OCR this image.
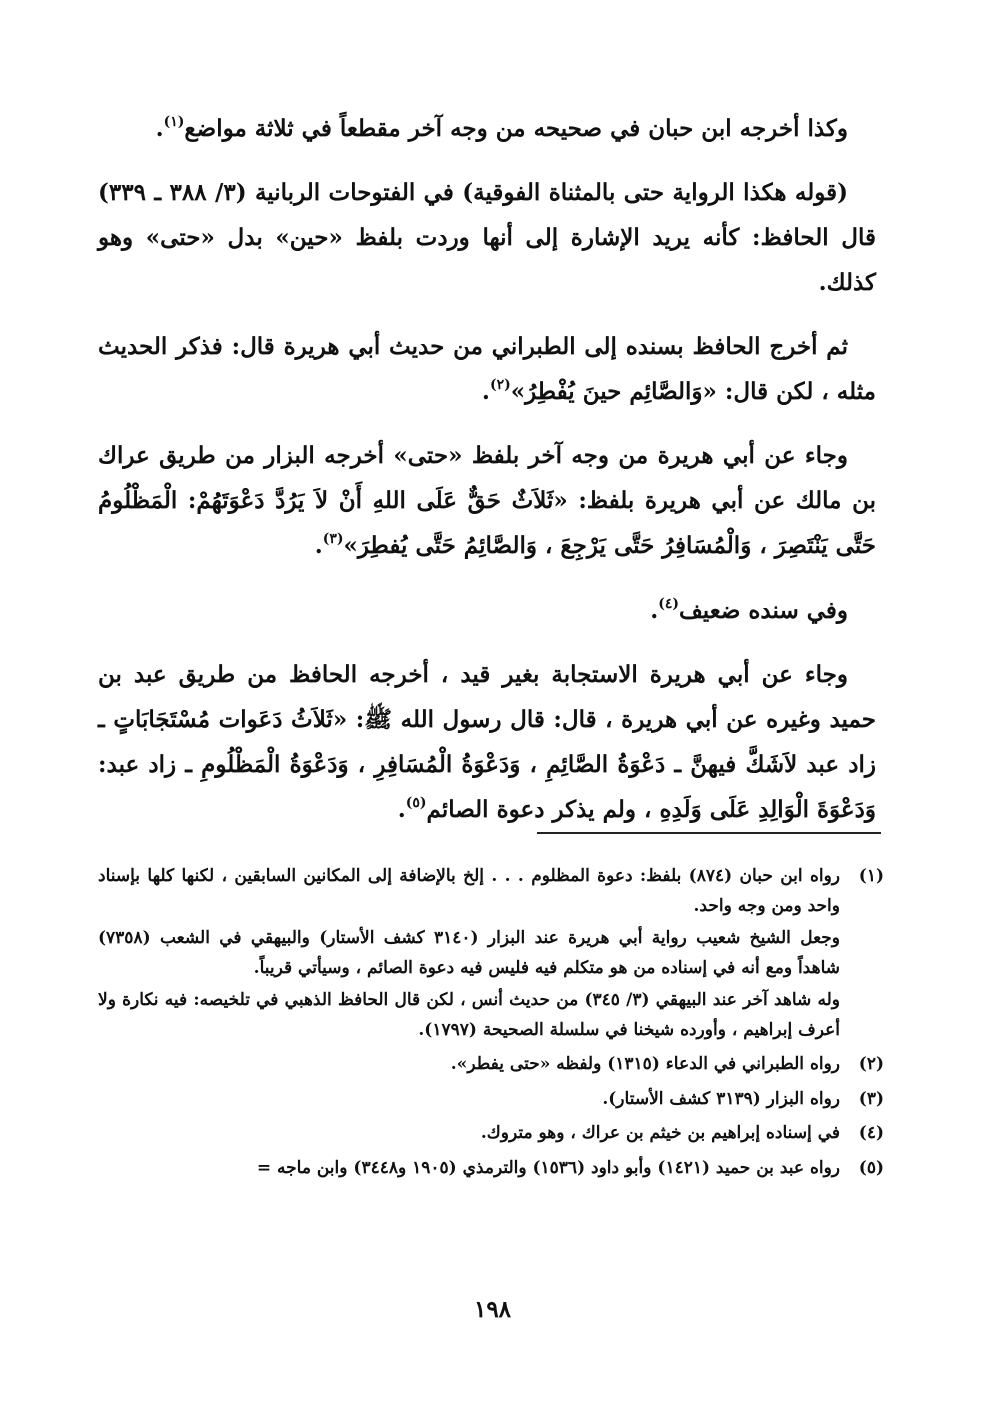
وكذا أخرجه ابن حبان في صحيحه من وجه آخر مقطعاً في ثلاثة مواضع$^{(١)}$.

(قوله هكذا الرواية حتى بالمثناة الفوقية) في الفتوحات الربانية (٣/ ٣٨٨ ـ ٣٣٩) قال الحافظ: كأنه يريد الإشارة إلى أنها وردت بلفظ «حين» بدل «حتى» وهو كذلك.

ثم أخرج الحافظ بسنده إلى الطبراني من حديث أبي هريرة قال: فذكر الحديث مثله ، لكن قال: «وَالصَّائِم حينَ يُفْطِرُ»$^{(٢)}$.

وجاء عن أبي هريرة من وجه آخر بلفظ «حتى» أخرجه البزار من طريق عراك بن مالك عن أبي هريرة بلفظ: «ثَلاَثٌ حَقٌّ عَلَى اللهِ أَنْ لاَ يَرُدَّ دَعْوَتَهُمْ: الْمَظْلُومُ حَتَّى يَنْتَصِرَ ، وَالْمُسَافِرُ حَتَّى يَرْجِعَ ، وَالصَّائِمُ حَتَّى يُفطِرَ»$^{(٣)}$.

وفي سنده ضعيف$^{(٤)}$.

وجاء عن أبي هريرة الاستجابة بغير قيد ، أخرجه الحافظ من طريق عبد بن حميد وغيره عن أبي هريرة ، قال: قال رسول الله ﷺ: «ثَلاَثُ دَعَوات مُسْتَجَابَاتٍ ـ زاد عبد لاَشَكَّ فيهنَّ ـ دَعْوَةُ الصَّائِمِ ، وَدَعْوَةُ الْمُسَافِرِ ، وَدَعْوَةُ الْمَظْلُومِ ـ زاد عبد: وَدَعْوَةَ الْوَالِدِ عَلَى وَلَدِهِ ، ولم يذكر دعوة الصائم$^{(٥)}$.

(١)

رواه ابن حبان (٨٧٤) بلفظ: دعوة المظلوم . . . إلخ بالإضافة إلى المكانين السابقين ، لكنها كلها بإسناد واحد ومن وجه واحد.

وجعل الشيخ شعيب رواية أبي هريرة عند البزار (٣١٤٠ كشف الأستار) والبيهقي في الشعب (٧٣٥٨) شاهداً ومع أنه في إسناده من هو متكلم فيه فليس فيه دعوة الصائم ، وسيأتي قريباً.

وله شاهد آخر عند البيهقي (٣/ ٣٤٥) من حديث أنس ، لكن قال الحافظ الذهبي في تلخيصه: فيه نكارة ولا أعرف إبراهيم ، وأورده شيخنا في سلسلة الصحيحة (١٧٩٧).

(٢)

رواه الطبراني في الدعاء (١٣١٥) ولفظه «حتى يفطر».

(٣)

رواه البزار (٣١٣٩ كشف الأستار).

(٤)

في إسناده إبراهيم بن خيثم بن عراك ، وهو متروك.

(٥)

رواه عبد بن حميد (١٤٢١) وأبو داود (١٥٣٦) والترمذي (١٩٠٥ و٣٤٤٨) وابن ماجه =

١٩٨
